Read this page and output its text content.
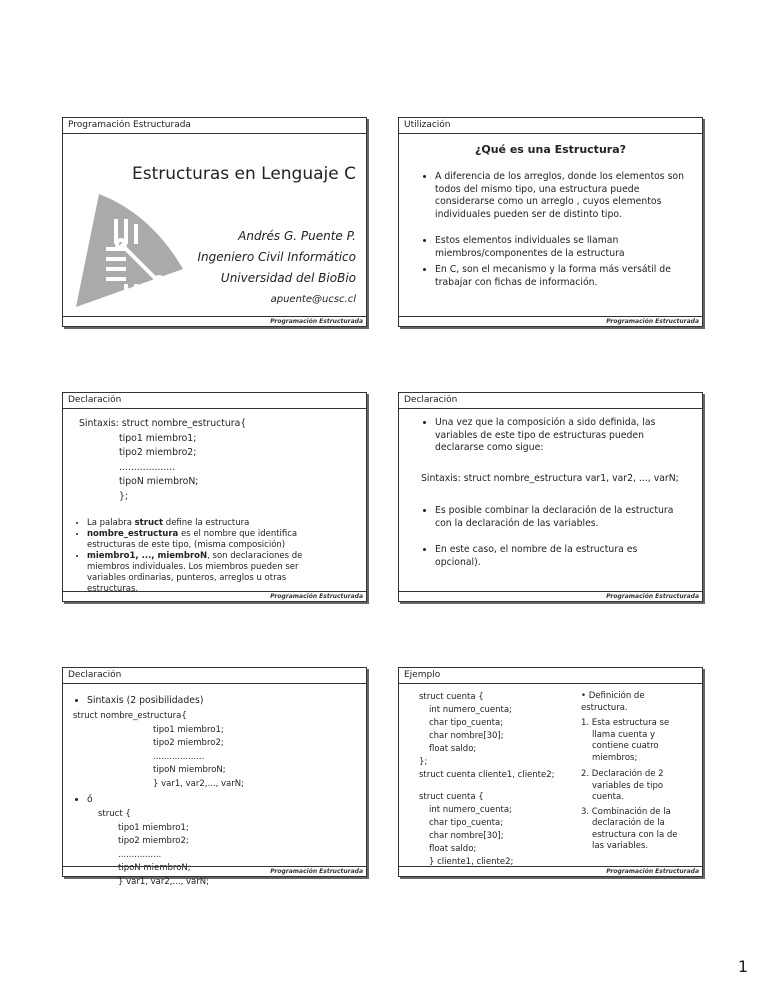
Programación Estructurada
Estructuras en Lenguaje C
Andrés G. Puente P.
Ingeniero Civil Informático
Universidad del BioBio
apuente@ucsc.cl
Programación Estructurada
Utilización
¿Qué es una Estructura?
• A diferencia de los arreglos, donde los elementos son todos del mismo tipo, una estructura puede considerarse como un arreglo , cuyos elementos individuales pueden ser de distinto tipo.
• Estos elementos individuales se llaman miembros/componentes de la estructura
• En C, son el mecanismo y la forma más versátil de trabajar con fichas de información.
Programación Estructurada
Declaración
Sintaxis: struct nombre_estructura{
tipo1 miembro1;
tipo2 miembro2;
...................
tipoN miembroN;
};
• La palabra struct define la estructura
• nombre_estructura es el nombre que identifica estructuras de este tipo, (misma composición)
• miembro1, ..., miembroN, son declaraciones de miembros individuales. Los miembros pueden ser variables ordinarias, punteros, arreglos u otras estructuras.
Programación Estructurada
Declaración
• Una vez que la composición a sido definida, las variables de este tipo de estructuras pueden declararse como sigue:
Sintaxis: struct nombre_estructura var1, var2, ..., varN;
• Es posible combinar la declaración de la estructura con la declaración de las variables.
• En este caso, el nombre de la estructura es opcional).
Programación Estructurada
Declaración
• Sintaxis (2 posibilidades)
struct nombre_estructura{
tipo1 miembro1;
tipo2 miembro2;
...................
tipoN miembroN;
} var1, var2,..., varN;
• ó
struct {
tipo1 miembro1;
tipo2 miembro2;
................
tipoN miembroN;
} var1, var2,..., varN;
Programación Estructurada
Ejemplo
struct cuenta {
int numero_cuenta;
char tipo_cuenta;
char nombre[30];
float saldo;
};
struct cuenta cliente1, cliente2;
struct cuenta {
int numero_cuenta;
char tipo_cuenta;
char nombre[30];
float saldo;
} cliente1, cliente2;
• Definición de estructura.
1. Esta estructura se llama cuenta y contiene cuatro miembros;
2. Declaración de 2 variables de tipo cuenta.
3. Combinación de la declaración de la estructura con la de las variables.
Programación Estructurada
1
